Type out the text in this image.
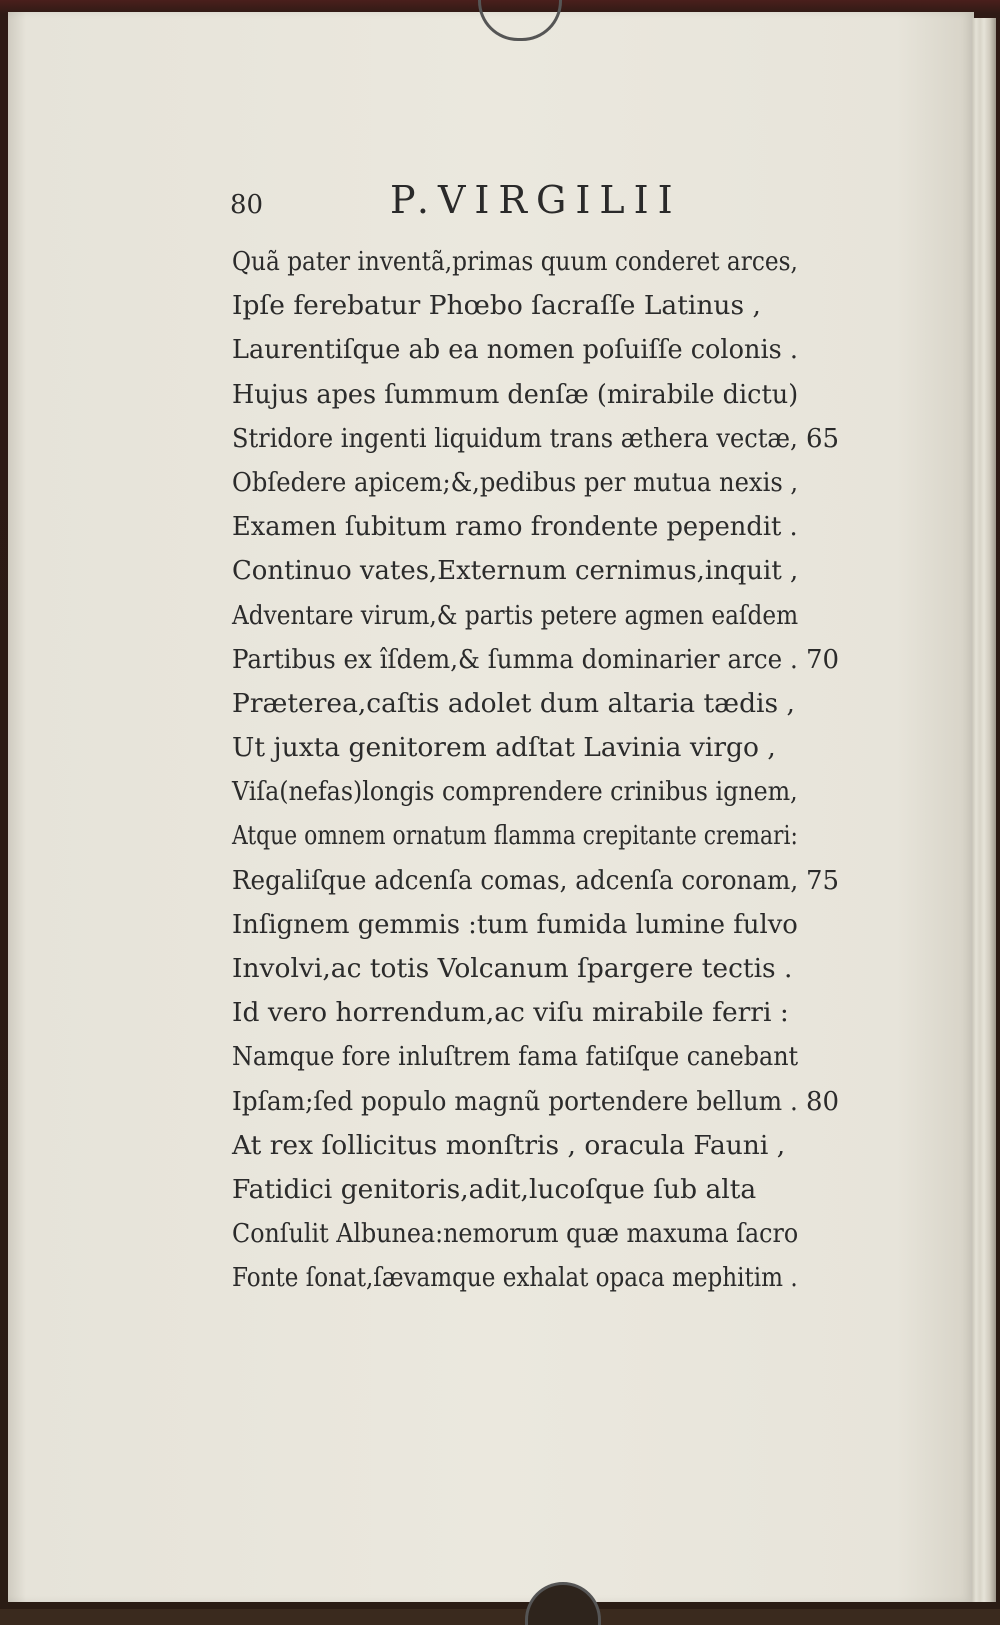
80	P.VIRGILII
Quã pater inventã,primas quum conderet arces,
Ipſe ferebatur Phœbo ſacraſſe Latinus ,
Laurentiſque ab ea nomen poſuiſſe colonis .
Hujus apes ſummum denſæ (mirabile dictu)
Stridore ingenti liquidum trans æthera vectæ, 65
Obſedere apicem;&,pedibus per mutua nexis ,
Examen ſubitum ramo frondente pependit .
Continuo vates,Externum cernimus,inquit ,
Adventare virum,& partis petere agmen eaſdem
Partibus ex îſdem,& ſumma dominarier arce . 70
Præterea,caſtis adolet dum altaria tædis ,
Ut juxta genitorem adſtat Lavinia virgo ,
Viſa(nefas)longis comprendere crinibus ignem,
Atque omnem ornatum flamma crepitante cremari:
Regaliſque adcenſa comas, adcenſa coronam, 75
Inſignem gemmis :tum fumida lumine fulvo
Involvi,ac totis Volcanum ſpargere tectis .
Id vero horrendum,ac viſu mirabile ferri :
Namque fore inluſtrem fama fatiſque canebant
Ipſam;ſed populo magnũ portendere bellum . 80
At rex ſollicitus monſtris , oracula Fauni ,
Fatidici genitoris,adit,lucoſque ſub alta
Conſulit Albunea:nemorum quæ maxuma ſacro
Fonte ſonat,ſævamque exhalat opaca mephitim .
